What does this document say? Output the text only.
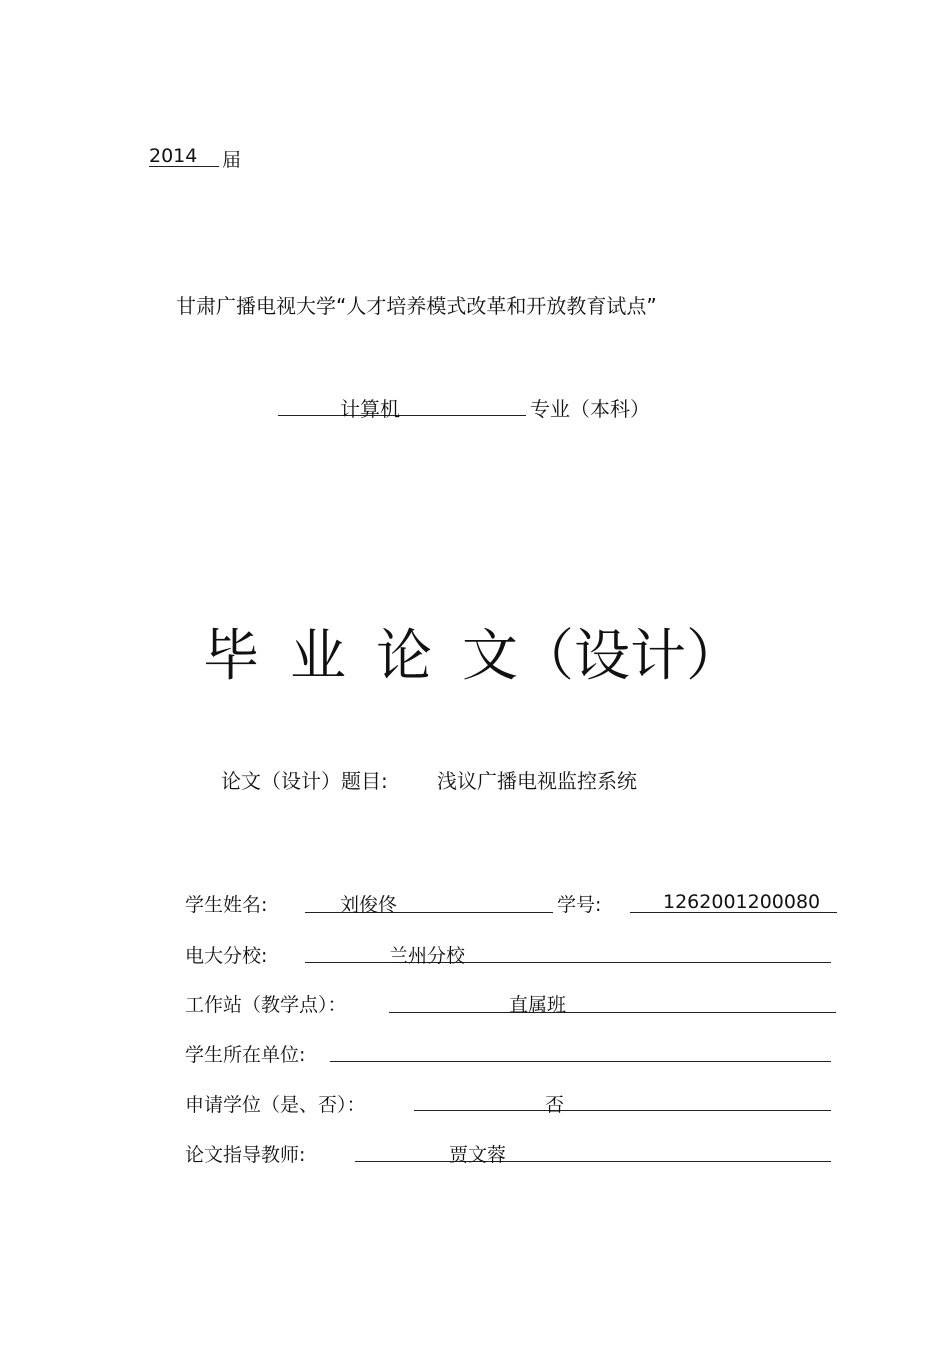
2014 届
甘肃广播电视大学“人才培养模式改革和开放教育试点”
计算机	专业（本科）
毕 业 论 文（设计）
论文（设计）题目: 浅议广播电视监控系统
学生姓名:	刘俊佟	学号:	1262001200080
电大分校:	兰州分校
工作站（教学点）：	直属班
学生所在单位:
申请学位（是、否）：	否
论文指导教师:	贾文蓉
